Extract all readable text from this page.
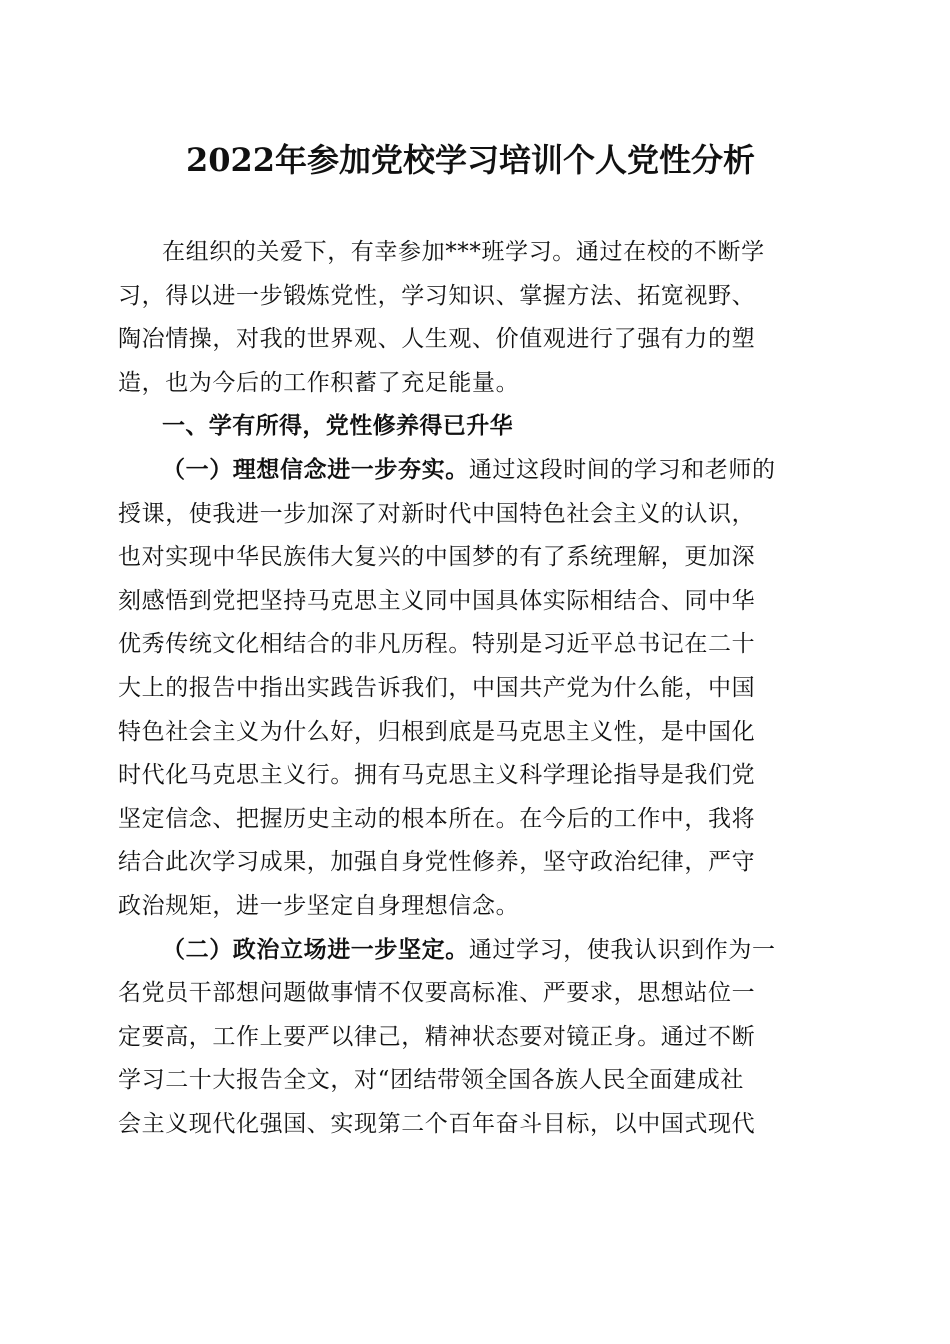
2022年参加党校学习培训个人党性分析
在组织的关爱下，有幸参加***班学习。通过在校的不断学
习，得以进一步锻炼党性，学习知识、掌握方法、拓宽视野、
陶冶情操，对我的世界观、人生观、价值观进行了强有力的塑
造，也为今后的工作积蓄了充足能量。
一、学有所得，党性修养得已升华
（一）理想信念进一步夯实。通过这段时间的学习和老师的
授课，使我进一步加深了对新时代中国特色社会主义的认识，
也对实现中华民族伟大复兴的中国梦的有了系统理解，更加深
刻感悟到党把坚持马克思主义同中国具体实际相结合、同中华
优秀传统文化相结合的非凡历程。特别是习近平总书记在二十
大上的报告中指出实践告诉我们，中国共产党为什么能，中国
特色社会主义为什么好，归根到底是马克思主义性，是中国化
时代化马克思主义行。拥有马克思主义科学理论指导是我们党
坚定信念、把握历史主动的根本所在。在今后的工作中，我将
结合此次学习成果，加强自身党性修养，坚守政治纪律，严守
政治规矩，进一步坚定自身理想信念。
（二）政治立场进一步坚定。通过学习，使我认识到作为一
名党员干部想问题做事情不仅要高标准、严要求，思想站位一
定要高，工作上要严以律己，精神状态要对镜正身。通过不断
学习二十大报告全文，对“团结带领全国各族人民全面建成社
会主义现代化强国、实现第二个百年奋斗目标，以中国式现代
